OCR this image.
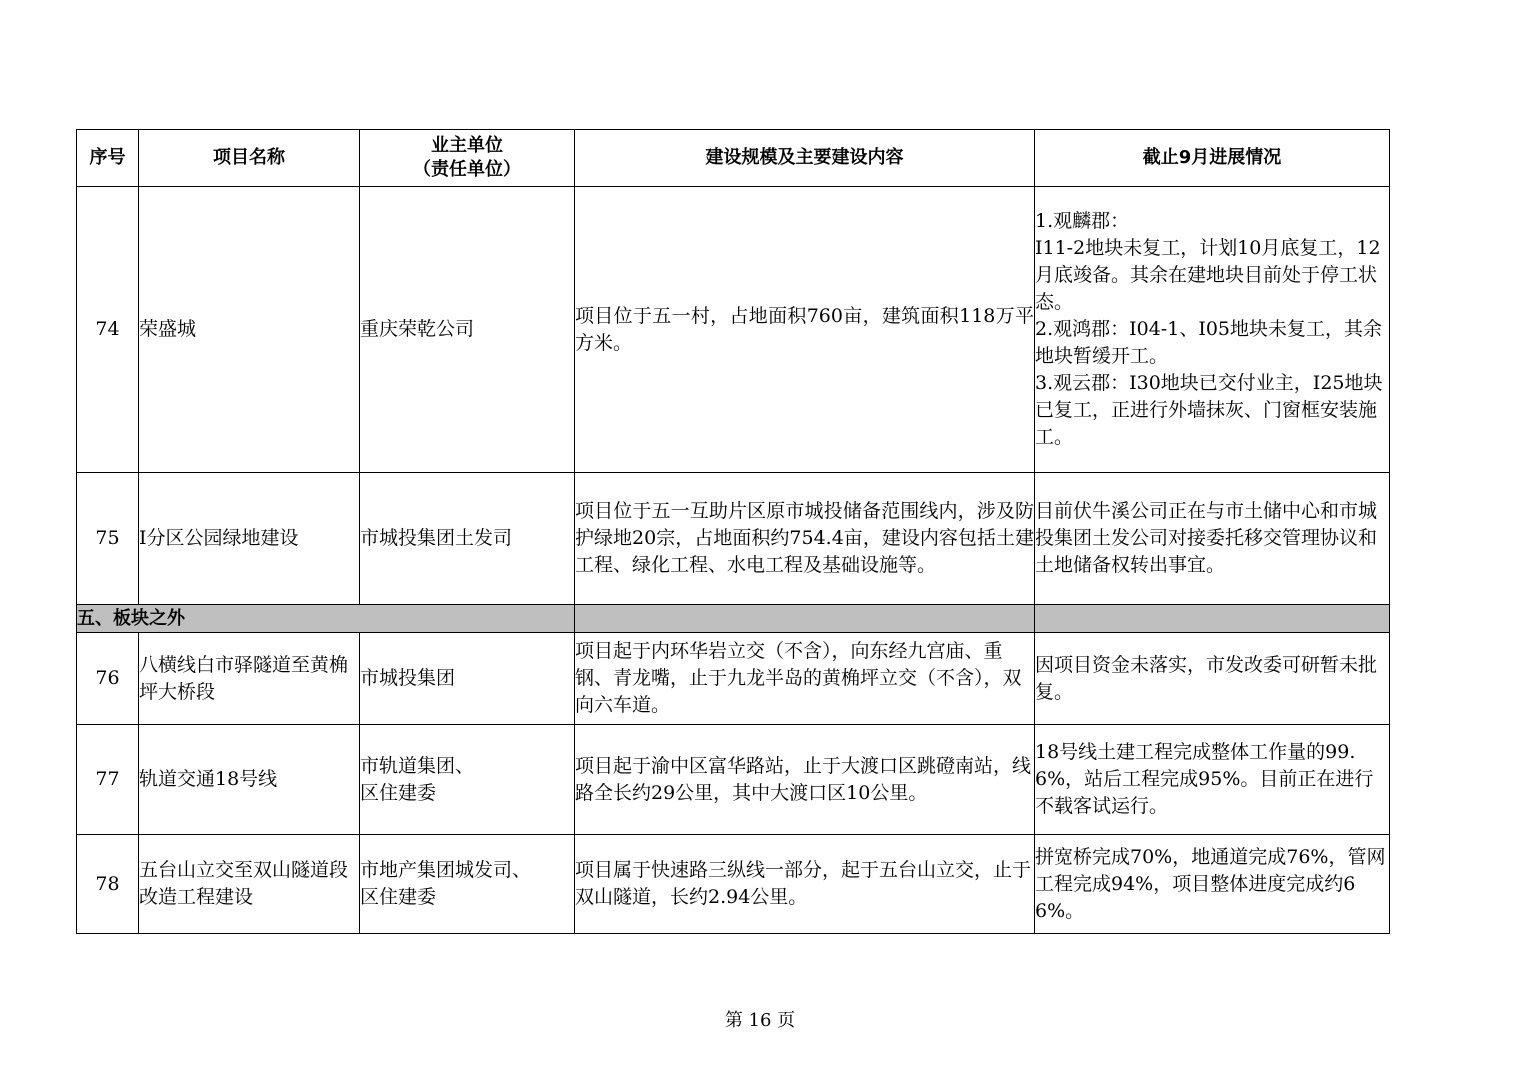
序号	项目名称	业主单位
（责任单位）	建设规模及主要建设内容	截止9月进展情况
74	荣盛城	重庆荣乾公司	项目位于五一村，占地面积760亩，建筑面积118万平方米。	1.观麟郡：
I11-2地块未复工，计划10月底复工，12月底竣备。其余在建地块目前处于停工状态。
2.观鸿郡：I04-1、I05地块未复工，其余地块暂缓开工。
3.观云郡：I30地块已交付业主，I25地块已复工，正进行外墙抹灰、门窗框安装施工。

75	I分区公园绿地建设	市城投集团土发司	项目位于五一互助片区原市城投储备范围线内，涉及防护绿地20宗，占地面积约754.4亩，建设内容包括土建工程、绿化工程、水电工程及基础设施等。	目前伏牛溪公司正在与市土储中心和市城投集团土发公司对接委托移交管理协议和土地储备权转出事宜。
五、板块之外				
76	八横线白市驿隧道至黄桷坪大桥段	市城投集团	项目起于内环华岩立交（不含），向东经九宫庙、重钢、青龙嘴，止于九龙半岛的黄桷坪立交（不含），双向六车道。	因项目资金未落实，市发改委可研暂未批复。
77	轨道交通18号线	市轨道集团、
区住建委	项目起于渝中区富华路站，止于大渡口区跳磴南站，线路全长约29公里，其中大渡口区10公里。	18号线土建工程完成整体工作量的99.6%，站后工程完成95%。目前正在进行不载客试运行。
78	五台山立交至双山隧道段改造工程建设	市地产集团城发司、
区住建委	项目属于快速路三纵线一部分，起于五台山立交，止于双山隧道，长约2.94公里。	拼宽桥完成70%，地通道完成76%，管网工程完成94%，项目整体进度完成约66%。
第 16 页
